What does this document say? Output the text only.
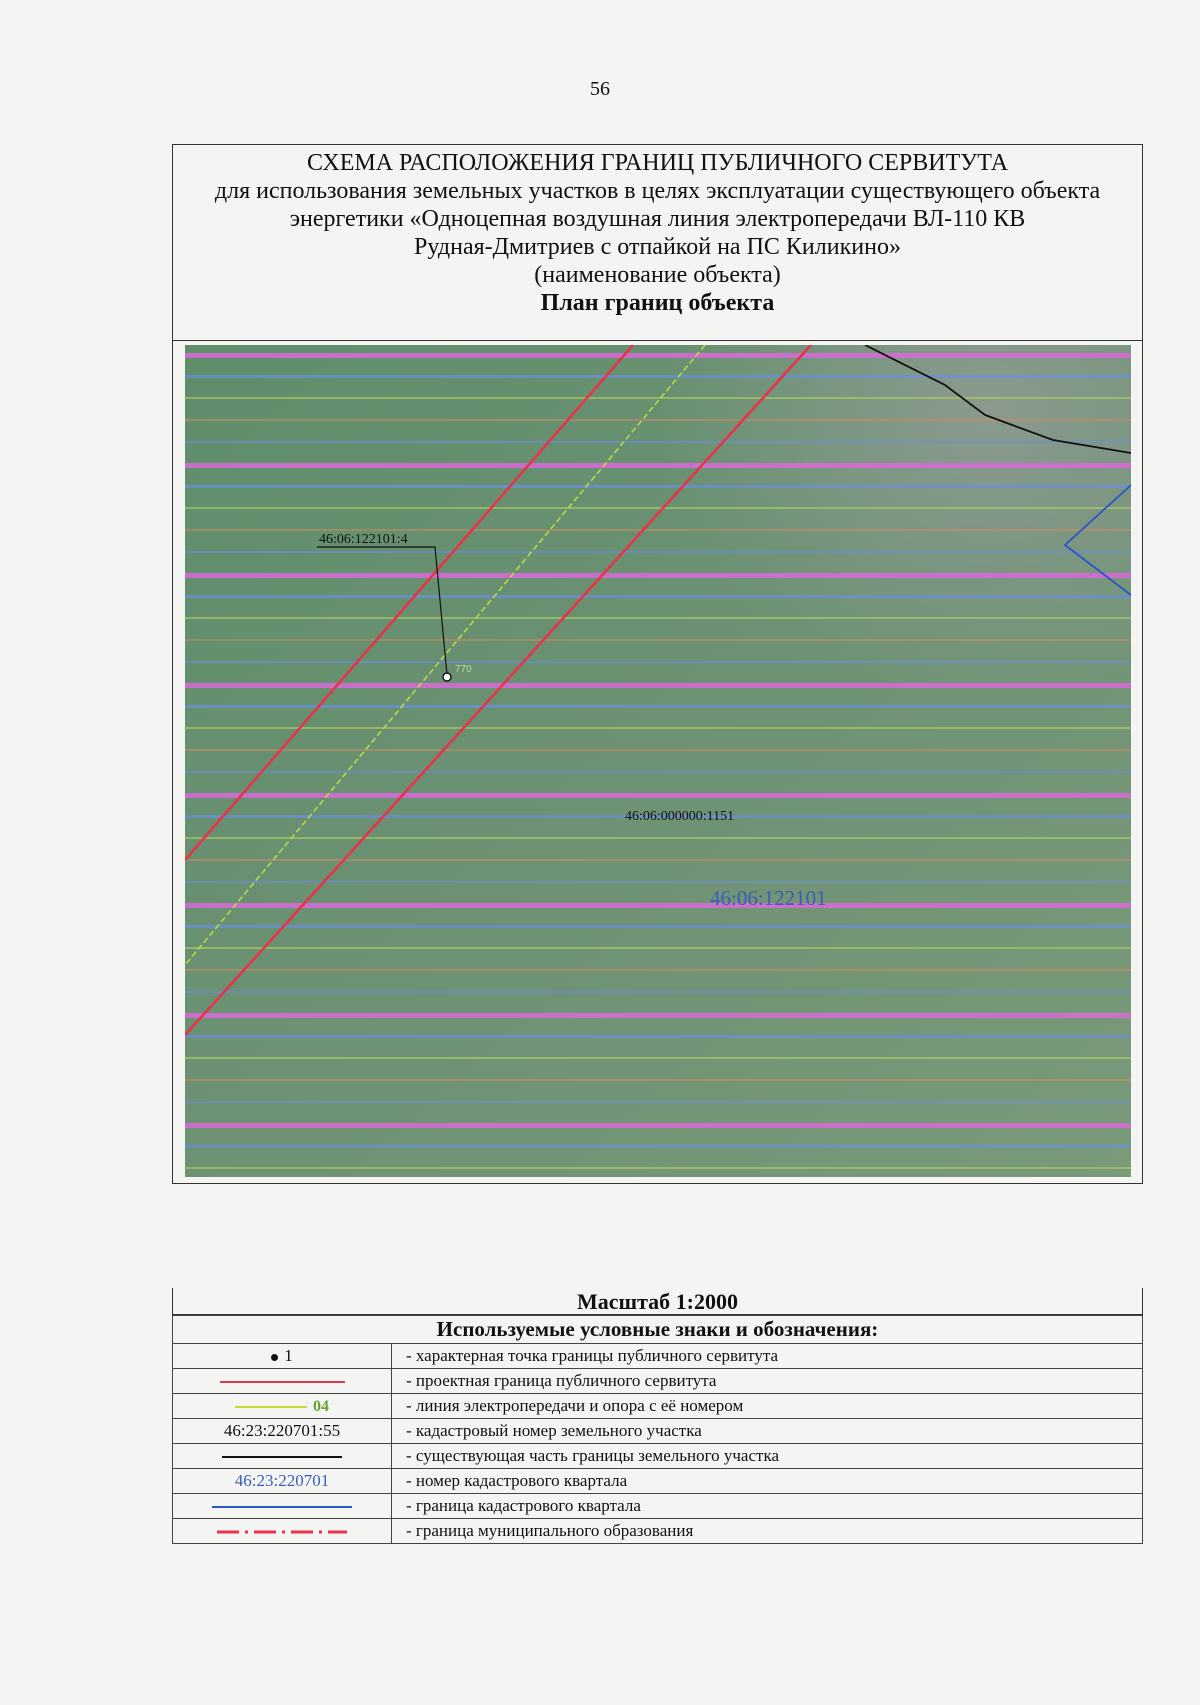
56
СХЕМА РАСПОЛОЖЕНИЯ ГРАНИЦ ПУБЛИЧНОГО СЕРВИТУТА
для использования земельных участков в целях эксплуатации существующего объекта
энергетики «Одноцепная воздушная линия электропередачи ВЛ-110 КВ
Рудная-Дмитриев с отпайкой на ПС Киликино»
(наименование объекта)
План границ объекта
46:06:122101:4
770
46:06:000000:1151
46:06:122101
Масштаб 1:2000
Используемые условные знаки и обозначения:	
1	- характерная точка границы публичного сервитута
	- проектная граница публичного сервитута
04	- линия электропередачи и опора с её номером
46:23:220701:55	- кадастровый номер земельного участка
	- существующая часть границы земельного участка
46:23:220701	- номер кадастрового квартала
	- граница кадастрового квартала
	- граница муниципального образования
